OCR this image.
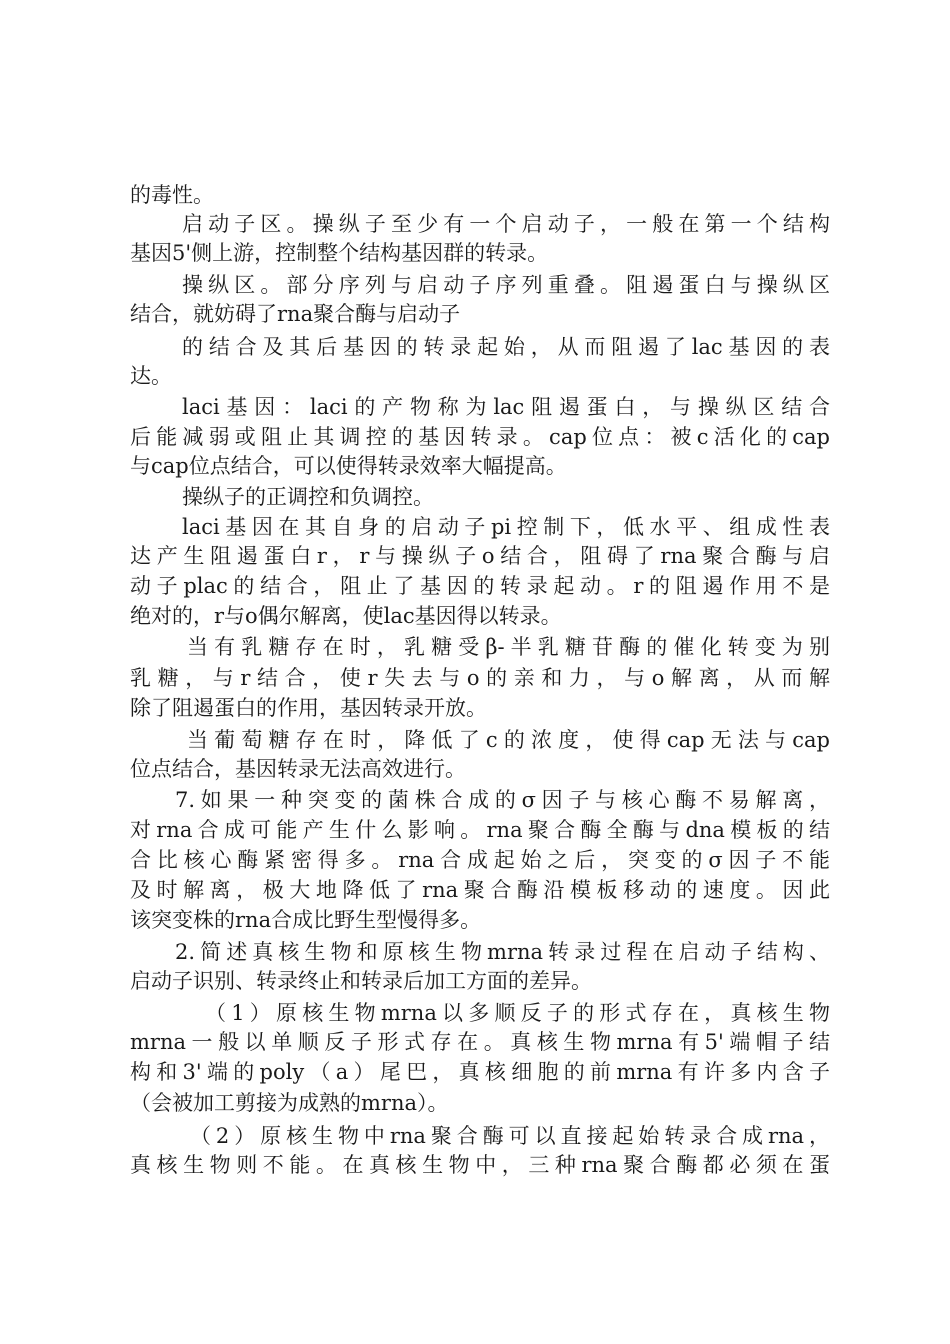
的毒性。
启动子区。操纵子至少有一个启动子，一般在第一个结构
基因5'侧上游，控制整个结构基因群的转录。
操纵区。部分序列与启动子序列重叠。阻遏蛋白与操纵区
结合，就妨碍了rna聚合酶与启动子
的结合及其后基因的转录起始，从而阻遏了lac基因的表
达。
laci基因：laci的产物称为lac阻遏蛋白，与操纵区结合
后能减弱或阻止其调控的基因转录。cap位点：被c活化的cap
与cap位点结合，可以使得转录效率大幅提高。
操纵子的正调控和负调控。
laci基因在其自身的启动子pi控制下，低水平、组成性表
达产生阻遏蛋白r，r与操纵子o结合，阻碍了rna聚合酶与启
动子plac的结合，阻止了基因的转录起动。r的阻遏作用不是
绝对的，r与o偶尔解离，使lac基因得以转录。
当有乳糖存在时，乳糖受β-半乳糖苷酶的催化转变为别
乳糖，与r结合，使r失去与o的亲和力，与o解离，从而解
除了阻遏蛋白的作用，基因转录开放。
当葡萄糖存在时，降低了c的浓度，使得cap无法与cap
位点结合，基因转录无法高效进行。
7.如果一种突变的菌株合成的σ因子与核心酶不易解离，
对rna合成可能产生什么影响。rna聚合酶全酶与dna模板的结
合比核心酶紧密得多。rna合成起始之后，突变的σ因子不能
及时解离，极大地降低了rna聚合酶沿模板移动的速度。因此
该突变株的rna合成比野生型慢得多。
2.简述真核生物和原核生物mrna转录过程在启动子结构、
启动子识别、转录终止和转录后加工方面的差异。
（1）原核生物mrna以多顺反子的形式存在，真核生物
mrna一般以单顺反子形式存在。真核生物mrna有5'端帽子结
构和3'端的poly（a）尾巴，真核细胞的前mrna有许多内含子
（会被加工剪接为成熟的mrna）。
（2）原核生物中rna聚合酶可以直接起始转录合成rna，
真核生物则不能。在真核生物中，三种rna聚合酶都必须在蛋
